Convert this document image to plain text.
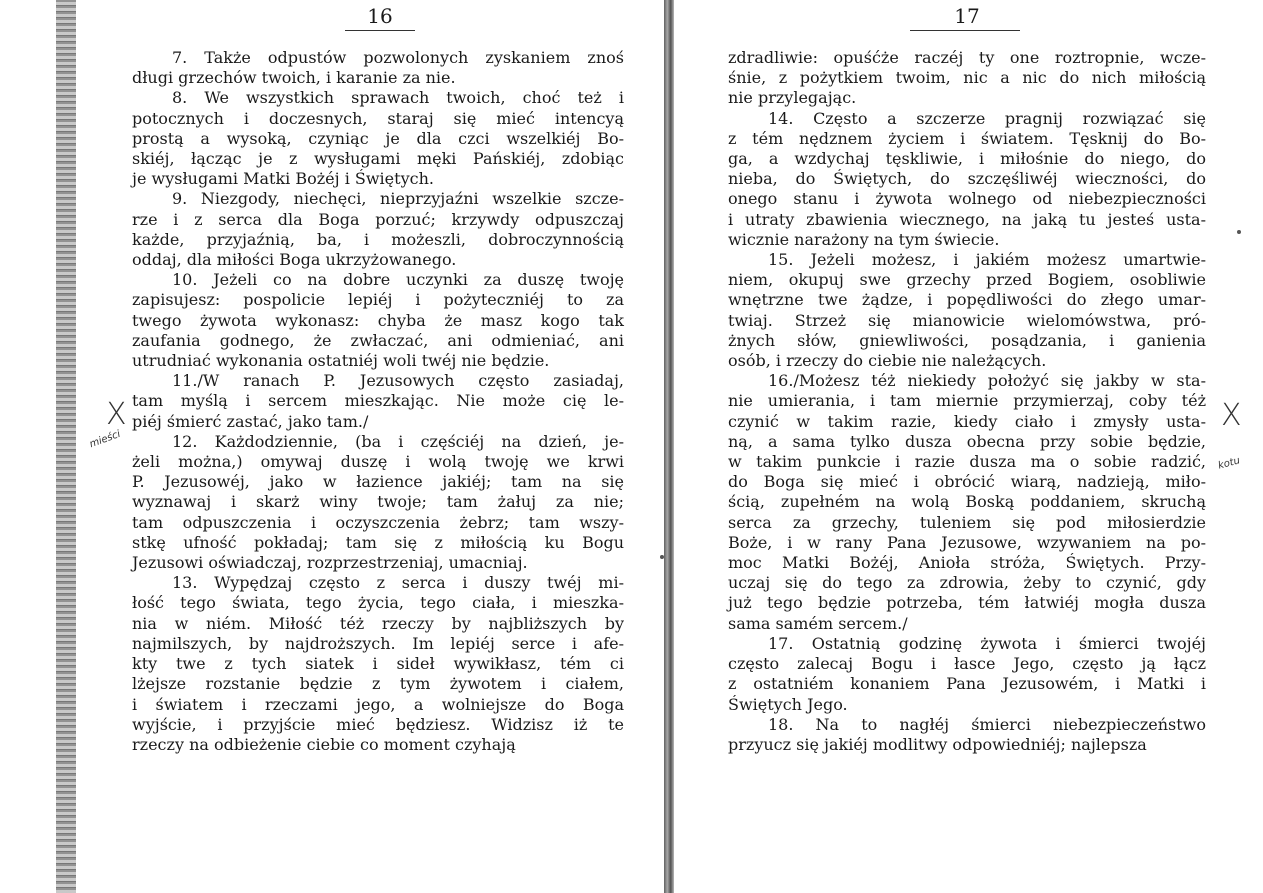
16
7. Także odpustów pozwolonych zyskaniem znoś
długi grzechów twoich, i karanie za nie.
8. We wszystkich sprawach twoich, choć też i
potocznych i doczesnych, staraj się mieć intencyą
prostą a wysoką, czyniąc je dla czci wszelkiéj Bo-
skiéj, łącząc je z wysługami męki Pańskiéj, zdobiąc
je wysługami Matki Bożéj i Świętych.
9. Niezgody, niechęci, nieprzyjaźni wszelkie szczе-
rze i z serca dla Boga porzuć; krzywdy odpuszczaj
każde, przyjaźnią, ba, i możeszli, dobroczynnością
oddaj, dla miłości Boga ukrzyżowanego.
10. Jeżeli co na dobre uczynki za duszę twoję
zapisujesz: pospolicie lepiéj i pożyteczniéj to za
twego żywota wykonasz: chyba że masz kogo tak
zaufania godnego, że zwłaczać, ani odmieniać, ani
utrudniać wykonania ostatniéj woli twéj nie będzie.
11./W ranach P. Jezusowych często zasiadaj,
tam myślą i sercem mieszkając. Nie może cię le-
piéj śmierć zastać, jako tam./
12. Każdodziennie, (ba i częściéj na dzień, je-
żeli można,) omywaj duszę i wolą twoję we krwi
P. Jezusowéj, jako w łazience jakiéj; tam na się
wyznawaj i skarż winy twoje; tam żałuj za nie;
tam odpuszczenia i oczyszczenia żebrz; tam wszy-
stkę ufność pokładaj; tam się z miłością ku Bogu
Jezusowi oświadczaj, rozprzestrzeniaj, umacniaj.
13. Wypędzaj często z serca i duszy twéj mi-
łość tego świata, tego życia, tego ciała, i mieszka-
nia w niém. Miłość téż rzeczy by najbliższych by
najmilszych, by najdroższych. Im lepiéj serce i afe-
kty twe z tych siatek i sideł wywikłasz, tém ci
lżejsze rozstanie będzie z tym żywotem i ciałem,
i światem i rzeczami jego, a wolniejsze do Boga
wyjście, i przyjście mieć będziesz. Widzisz iż te
rzeczy na odbieżenie ciebie co moment czyhają
X
mieści
17
zdradliwie: opuśćże raczéj ty one roztropnie, wcze-
śnie, z pożytkiem twoim, nic a nic do nich miłością
nie przylegając.
14. Często a szczerze pragnij rozwiązać się
z tém nędznem życiem i światem. Tęsknij do Bo-
ga, a wzdychaj tęskliwie, i miłośnie do niego, do
nieba, do Świętych, do szczęśliwéj wieczności, do
onego stanu i żywota wolnego od niebezpieczności
i utraty zbawienia wiecznego, na jaką tu jesteś usta-
wicznie narażony na tym świecie.
15. Jeżeli możesz, i jakiém możesz umartwie-
niem, okupuj swe grzechy przed Bogiem, osobliwie
wnętrzne twe żądze, i popędliwości do złego umar-
twiaj. Strzeż się mianowicie wielomówstwa, pró-
żnych słów, gniewliwości, posądzania, i ganienia
osób, i rzeczy do ciebie nie należących.
16./Możesz téż niekiedy położyć się jakby w sta-
nie umierania, i tam miernie przymierzaj, coby téż
czynić w takim razie, kiedy ciało i zmysły usta-
ną, a sama tylko dusza obecna przy sobie będzie,
w takim punkcie i razie dusza ma o sobie radzić,
do Boga się mieć i obrócić wiarą, nadzieją, miło-
ścią, zupełném na wolą Boską poddaniem, skruchą
serca za grzechy, tuleniem się pod miłosierdzie
Boże, i w rany Pana Jezusowe, wzywaniem na po-
moc Matki Bożéj, Anioła stróża, Świętych. Przy-
uczaj się do tego za zdrowia, żeby to czynić, gdy
już tego będzie potrzeba, tém łatwiéj mogła dusza
sama samém sercem./
17. Ostatnią godzinę żywota i śmierci twojéj
często zalecaj Bogu i łasce Jego, często ją łącz
z ostatniém konaniem Pana Jezusowém, i Matki i
Świętych Jego.
18. Na to nagłéj śmierci niebezpieczeństwo
przyucz się jakiéj modlitwy odpowiedniéj; najlepsza
X
kotu
